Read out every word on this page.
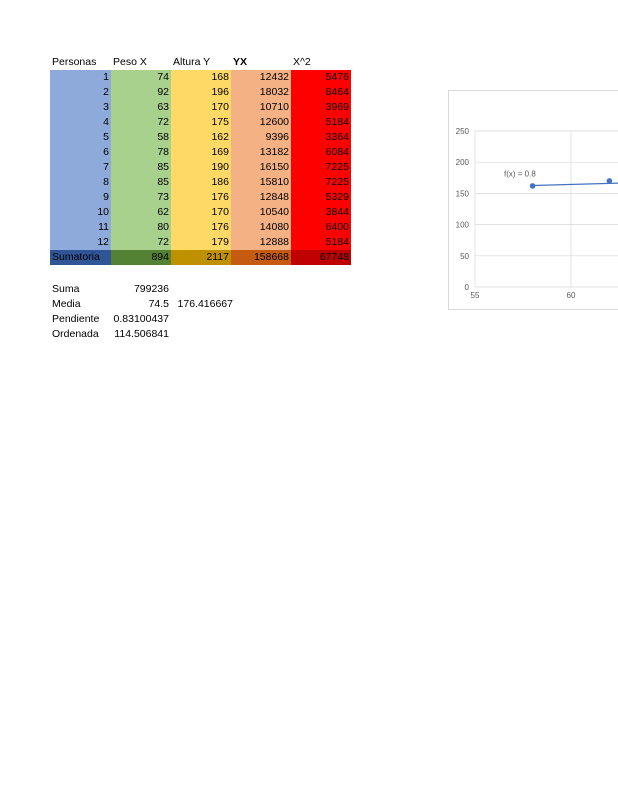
Personas	Peso X	Altura Y	YX	X^2
1	74	168	12432	5476
2	92	196	18032	8464
3	63	170	10710	3969
4	72	175	12600	5184
5	58	162	9396	3364
6	78	169	13182	6084
7	85	190	16150	7225
8	85	186	15810	7225
9	73	176	12848	5329
10	62	170	10540	3844
11	80	176	14080	6400
12	72	179	12888	5184
Sumatoria	894	2117	158668	67748
Suma	799236	
Media	74.5	176.416667
Pendiente	0.83100437	
Ordenada	114.506841	
0
50
100
150
200
250
55	60
f(x) = 0.8
